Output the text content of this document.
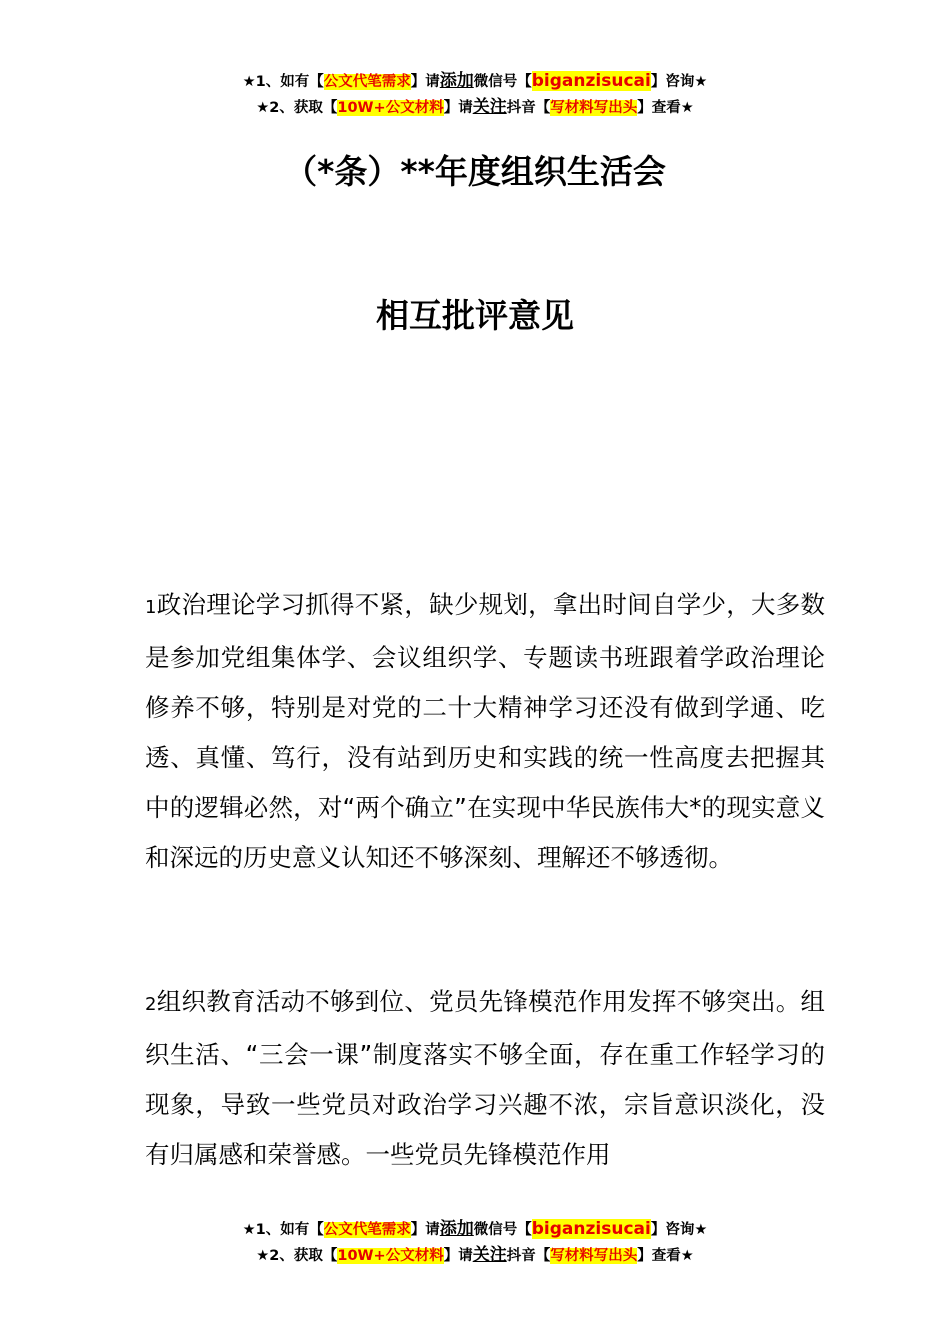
★1、如有【公文代笔需求】请添加微信号【biganzisucai】咨询★
★2、获取【10W+公文材料】请关注抖音【写材料写出头】查看★
（*条）**年度组织生活会
相互批评意见
1政治理论学习抓得不紧，缺少规划，拿出时间自学少，大多数是参加党组集体学、会议组织学、专题读书班跟着学政治理论修养不够，特别是对党的二十大精神学习还没有做到学通、吃透、真懂、笃行，没有站到历史和实践的统一性高度去把握其中的逻辑必然，对“两个确立”在实现中华民族伟大*的现实意义和深远的历史意义认知还不够深刻、理解还不够透彻。
2组织教育活动不够到位、党员先锋模范作用发挥不够突出。组织生活、“三会一课”制度落实不够全面，存在重工作轻学习的现象，导致一些党员对政治学习兴趣不浓，宗旨意识淡化，没有归属感和荣誉感。一些党员先锋模范作用
★1、如有【公文代笔需求】请添加微信号【biganzisucai】咨询★
★2、获取【10W+公文材料】请关注抖音【写材料写出头】查看★
